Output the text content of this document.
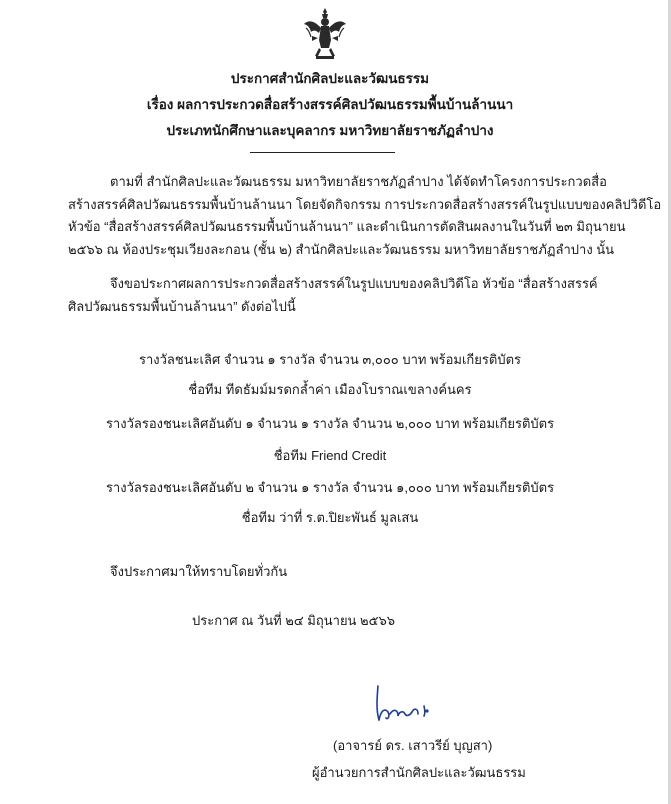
ประกาศสำนักศิลปะและวัฒนธรรม
เรื่อง ผลการประกวดสื่อสร้างสรรค์ศิลปวัฒนธรรมพื้นบ้านล้านนา
ประเภทนักศึกษาและบุคลากร มหาวิทยาลัยราชภัฏลำปาง
ตามที่ สำนักศิลปะและวัฒนธรรม มหาวิทยาลัยราชภัฏลำปาง ได้จัดทำโครงการประกวดสื่อ
สร้างสรรค์ศิลปวัฒนธรรมพื้นบ้านล้านนา โดยจัดกิจกรรม การประกวดสื่อสร้างสรรค์ในรูปแบบของคลิปวิดีโอ
หัวข้อ “สื่อสร้างสรรค์ศิลปวัฒนธรรมพื้นบ้านล้านนา” และดำเนินการตัดสินผลงานในวันที่ ๒๓ มิถุนายน
๒๕๖๖ ณ ห้องประชุมเวียงละกอน (ชั้น ๒) สำนักศิลปะและวัฒนธรรม มหาวิทยาลัยราชภัฏลำปาง นั้น
จึงขอประกาศผลการประกวดสื่อสร้างสรรค์ในรูปแบบของคลิปวิดีโอ หัวข้อ “สื่อสร้างสรรค์
ศิลปวัฒนธรรมพื้นบ้านล้านนา” ดังต่อไปนี้
รางวัลชนะเลิศ จำนวน ๑ รางวัล จำนวน ๓,๐๐๐ บาท พร้อมเกียรติบัตร
ชื่อทีม ทีดธัมม์มรดกล้ำค่า เมืองโบราณเขลางค์นคร
รางวัลรองชนะเลิศอันดับ ๑ จำนวน ๑ รางวัล จำนวน ๒,๐๐๐ บาท พร้อมเกียรติบัตร
ชื่อทีม Friend Credit
รางวัลรองชนะเลิศอันดับ ๒ จำนวน ๑ รางวัล จำนวน ๑,๐๐๐ บาท พร้อมเกียรติบัตร
ชื่อทีม ว่าที่ ร.ต.ปิยะพันธ์ มูลเสน
จึงประกาศมาให้ทราบโดยทั่วกัน
ประกาศ ณ วันที่ ๒๔ มิถุนายน ๒๕๖๖
(อาจารย์ ดร. เสาวรีย์ บุญสา)
ผู้อำนวยการสำนักศิลปะและวัฒนธรรม
